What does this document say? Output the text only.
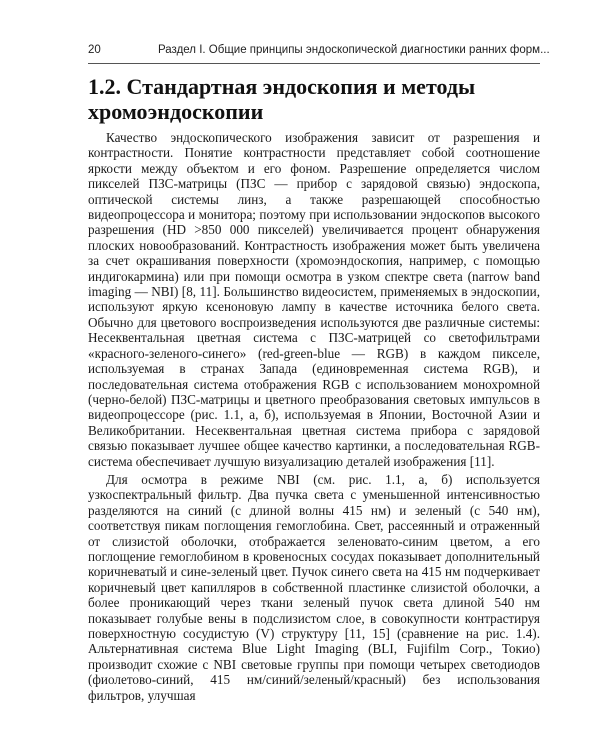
20	Раздел I. Общие принципы эндоскопической диагностики ранних форм...
1.2. Стандартная эндоскопия и методы
хромоэндоскопии

Качество эндоскопического изображения зависит от разрешения и контрастности. Понятие контрастности представляет собой соотношение яркости между объектом и его фоном. Разрешение определяется числом пикселей ПЗС-матрицы (ПЗС — прибор с зарядовой связью) эндоскопа, оптической системы линз, а также разрешающей способностью видеопроцессора и монитора; поэтому при использовании эндоскопов высокого разрешения (HD >850 000 пикселей) увеличивается процент обнаружения плоских новообразований. Контрастность изображения может быть увеличена за счет окрашивания поверхности (хромоэндоскопия, например, с помощью индигокармина) или при помощи осмотра в узком спектре света (narrow band imaging — NBI) [8, 11]. Большинство видеосистем, применяемых в эндоскопии, используют яркую ксеноновую лампу в качестве источника белого света. Обычно для цветового воспроизведения используются две различные системы: Несеквентальная цветная система с ПЗС-матрицей со светофильтрами «красного-зеленого-синего» (red-green-blue — RGB) в каждом пикселе, используемая в странах Запада (единовременная система RGB), и последовательная система отображения RGB с использованием монохромной (черно-белой) ПЗС-матрицы и цветного преобразования световых импульсов в видеопроцессоре (рис. 1.1, а, б), используемая в Японии, Восточной Азии и Великобритании. Несеквентальная цветная система прибора с зарядовой связью показывает лучшее общее качество картинки, а последовательная RGB-система обеспечивает лучшую визуализацию деталей изображения [11].

Для осмотра в режиме NBI (см. рис. 1.1, а, б) используется узкоспектральный фильтр. Два пучка света с уменьшенной интенсивностью разделяются на синий (с длиной волны 415 нм) и зеленый (с 540 нм), соответствуя пикам поглощения гемоглобина. Свет, рассеянный и отраженный от слизистой оболочки, отображается зеленовато-синим цветом, а его поглощение гемоглобином в кровеносных сосудах показывает дополнительный коричневатый и сине-зеленый цвет. Пучок синего света на 415 нм подчеркивает коричневый цвет капилляров в собственной пластинке слизистой оболочки, а более проникающий через ткани зеленый пучок света длиной 540 нм показывает голубые вены в подслизистом слое, в совокупности контрастируя поверхностную сосудистую (V) структуру [11, 15] (сравнение на рис. 1.4). Альтернативная система Blue Light Imaging (BLI, Fujifilm Corp., Токио) производит схожие с NBI световые группы при помощи четырех светодиодов (фиолетово-синий, 415 нм/синий/зеленый/красный) без использования фильтров, улучшая
